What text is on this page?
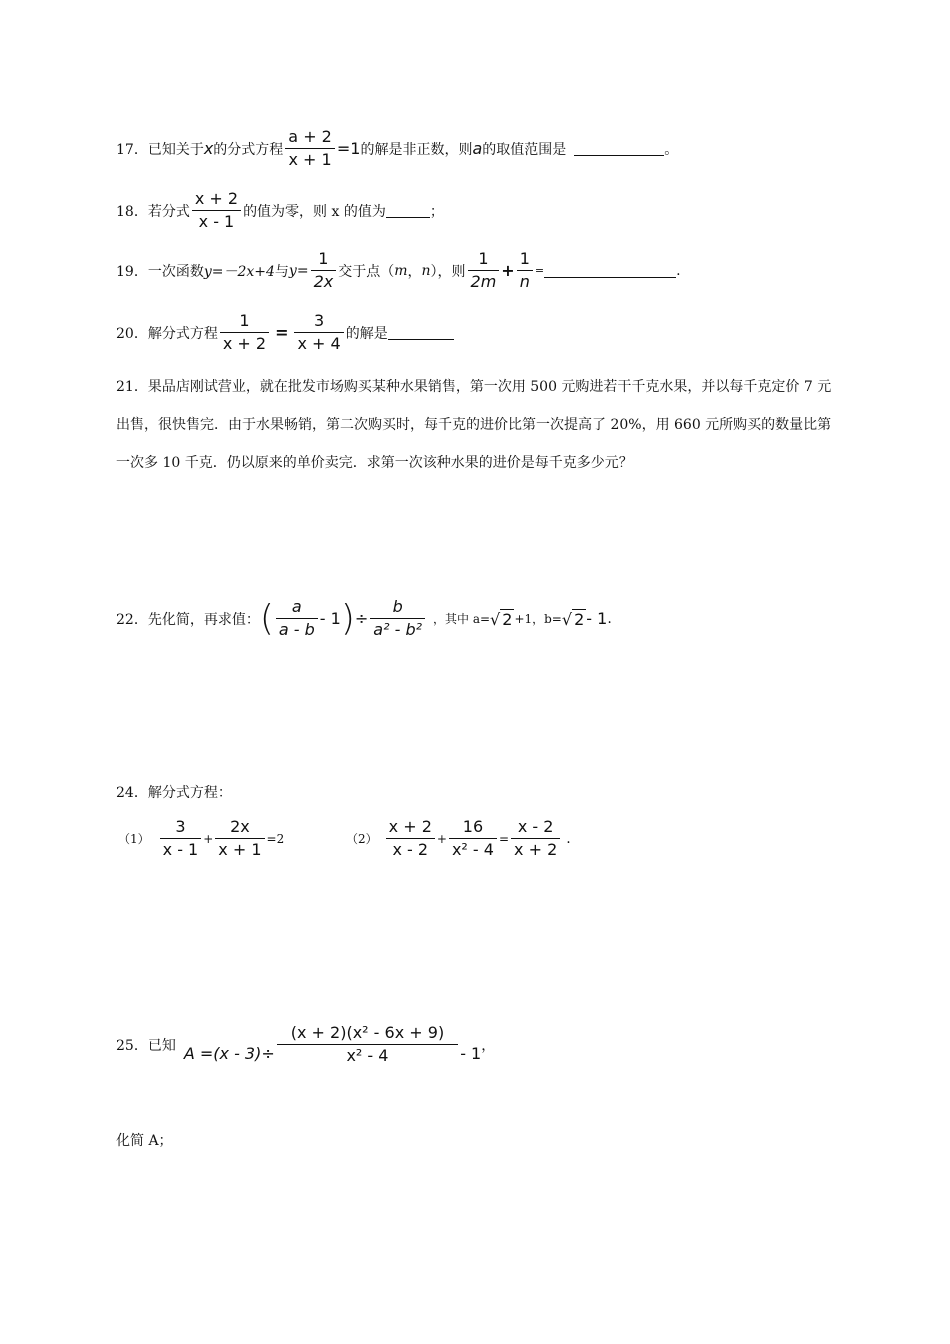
17．已知关于 x 的分式方程 $\frac{a + 2}{x + 1} =1$ 的解是非正数，则 a 的取值范围是	。
18．若分式 $\frac{x + 2}{x - 1}$ 的值为零，则 x 的值为	；
19．一次函数 y=－2x+4 与 $y= \frac{1}{2x}$ 交于点（ m ， n ），则 $\frac{1}{2m} + \frac{1}{n}$ =	.
20．解分式方程 $\frac{1}{x + 2} = \frac{3}{x + 4}$ 的解是
21．果品店刚试营业，就在批发市场购买某种水果销售，第一次用 500 元购进若干千克水果，并以每千克定价 7 元出售，很快售完．由于水果畅销，第二次购买时，每千克的进价比第一次提高了 20%，用 660 元所购买的数量比第一次多 10 千克．仍以原来的单价卖完．求第一次该种水果的进价是每千克多少元？
22．先化简，再求值： ( $\frac{a}{a - b} - 1$ ) ÷ $\frac{b}{\text{a² - b²}}$ ，其中 a= √ 2 +1，b= √ 2 - 1 .
24．解分式方程：
$(1) \frac{3}{x - 1} + \frac{2x}{x + 1} =2$	$(2) \frac{x + 2}{x - 2} + \frac{16}{\text{x² - 4}} = \frac{x - 2}{x + 2}$ .
25．已知 $A =(x - 3)\div \frac{\text{(x + 2)(x² - 6x + 9)}}{\text{x² - 4}} - 1$ ，
化简 A；
